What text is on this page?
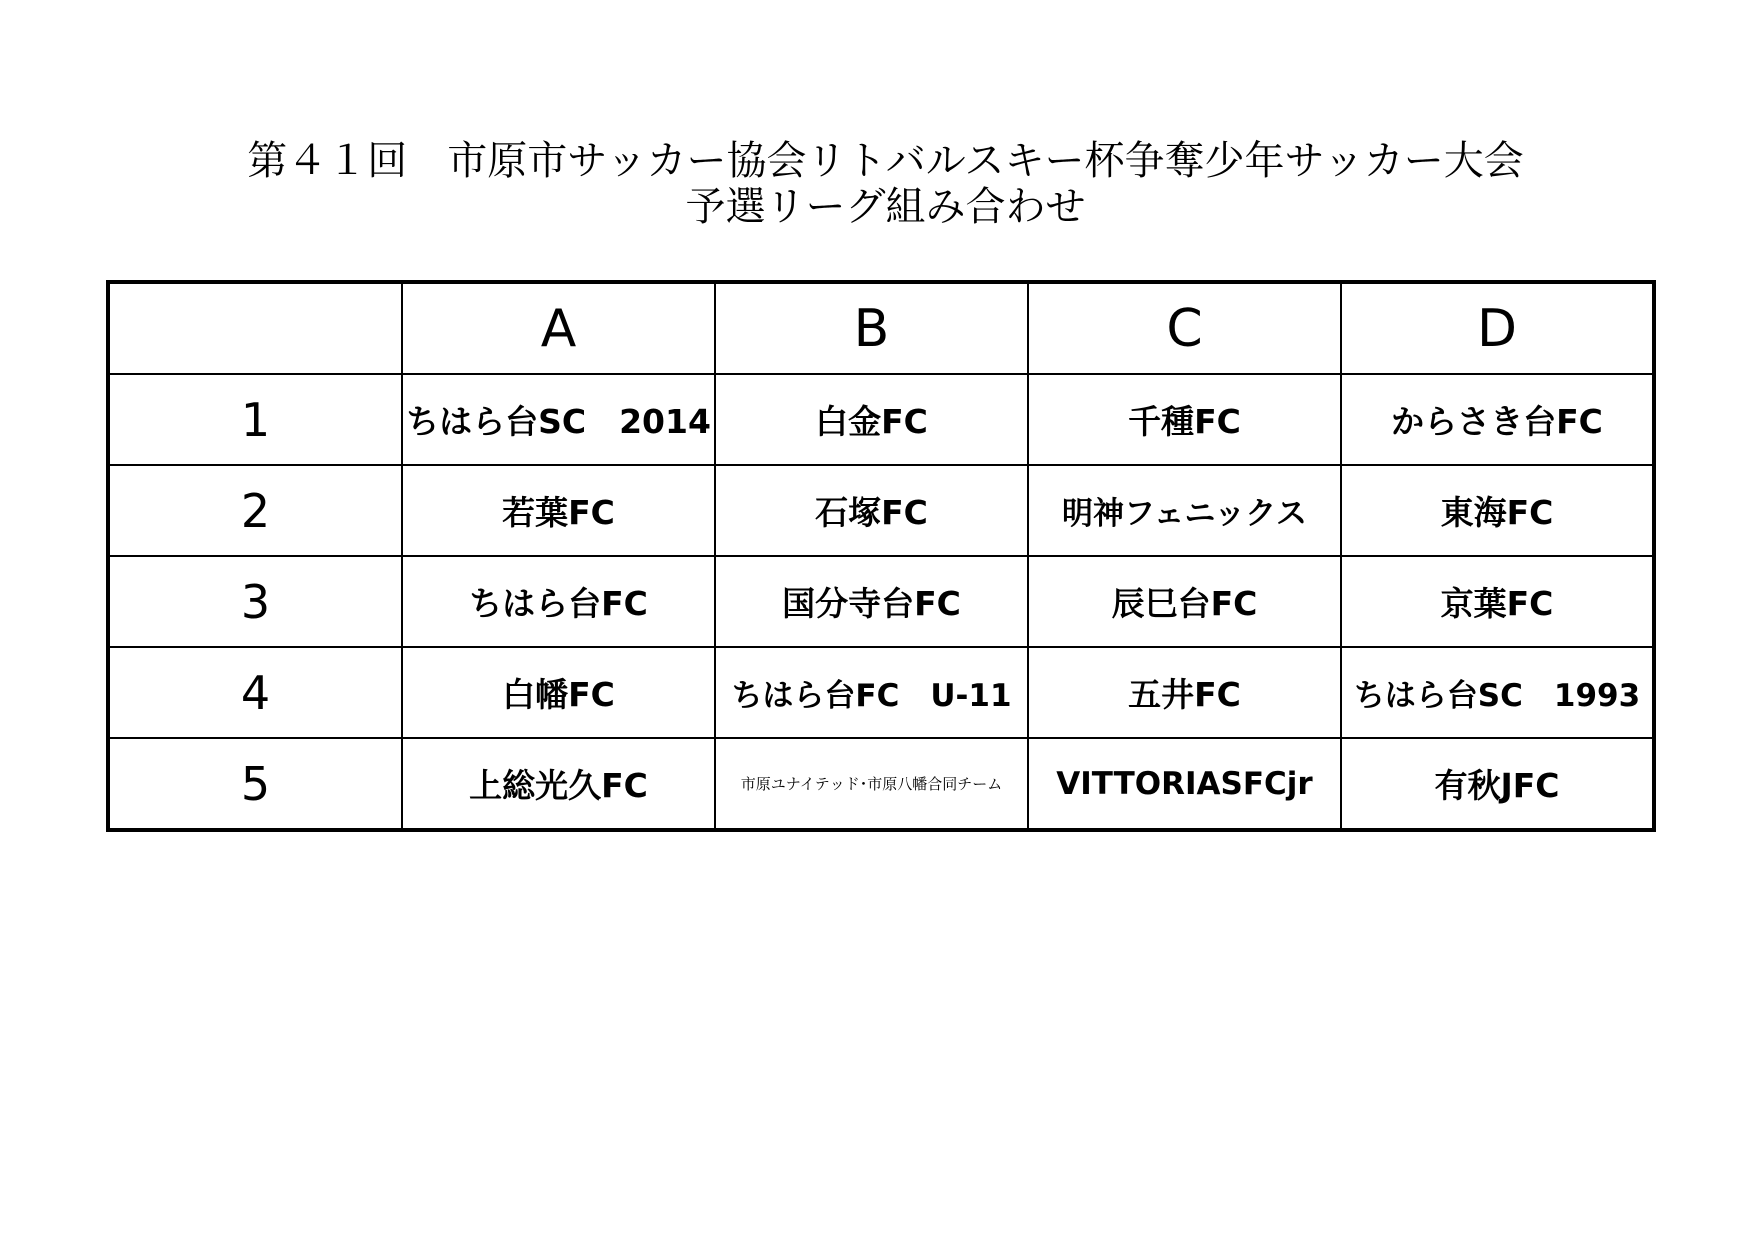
第４１回　市原市サッカー協会リトバルスキー杯争奪少年サッカー大会
予選リーグ組み合わせ
	A	B	C	D
1	ちはら台SC　2014	白金FC	千種FC	からさき台FC
2	若葉FC	石塚FC	明神フェニックス	東海FC
3	ちはら台FC	国分寺台FC	辰巳台FC	京葉FC
4	白幡FC	ちはら台FC　U-11	五井FC	ちはら台SC　1993
5	上総光久FC	市原ユナイテッド･市原八幡合同チーム	VITTORIASFCjr	有秋JFC
